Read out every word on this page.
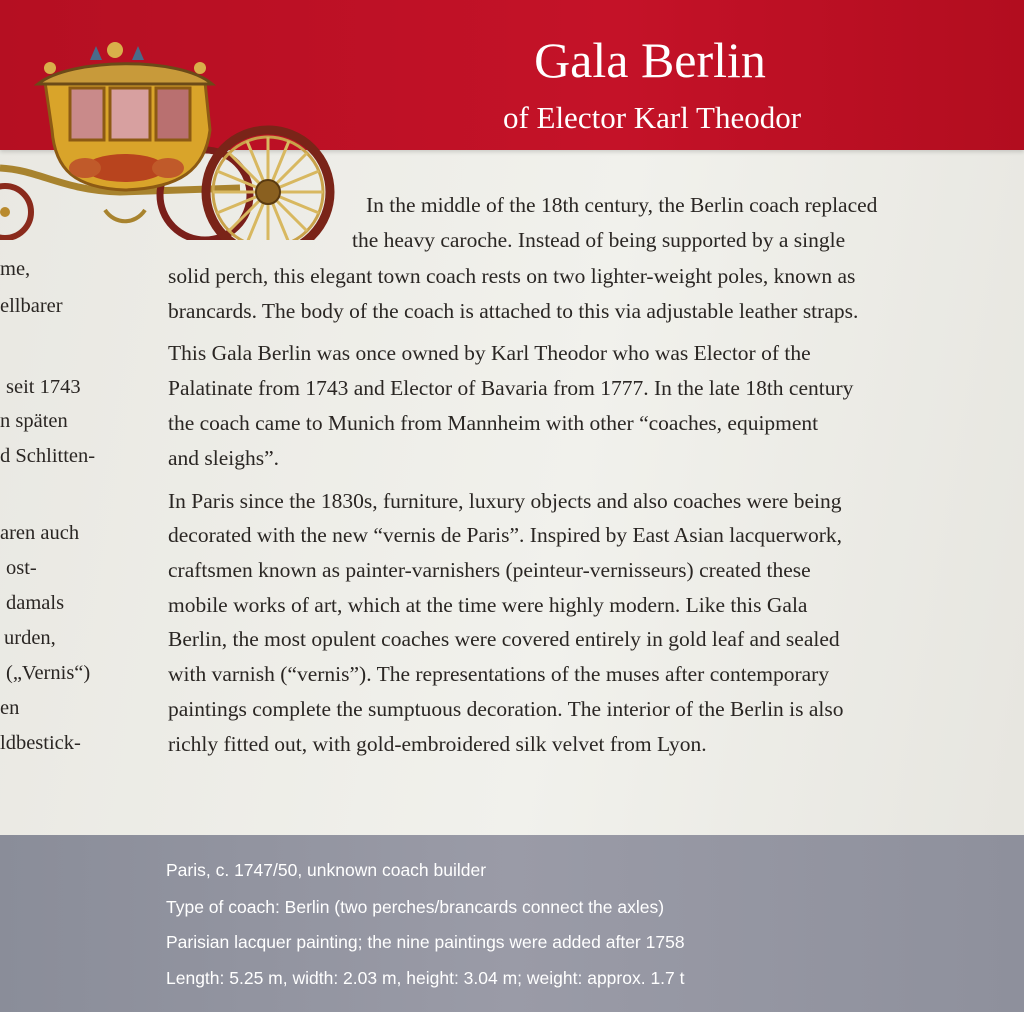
Gala Berlin
of Elector Karl Theodor
me,
ellbarer
seit 1743
n späten
d Schlitten-
aren auch
ost-
damals
urden,
(„Vernis“)
en
ldbestick-
In the middle of the 18th century, the Berlin coach replaced
the heavy caroche. Instead of being supported by a single
solid perch, this elegant town coach rests on two lighter-weight poles, known as
brancards. The body of the coach is attached to this via adjustable leather straps.
This Gala Berlin was once owned by Karl Theodor who was Elector of the
Palatinate from 1743 and Elector of Bavaria from 1777. In the late 18th century
the coach came to Munich from Mannheim with other “coaches, equipment
and sleighs”.
In Paris since the 1830s, furniture, luxury objects and also coaches were being
decorated with the new “vernis de Paris”. Inspired by East Asian lacquerwork,
craftsmen known as painter-varnishers (peinteur-vernisseurs) created these
mobile works of art, which at the time were highly modern. Like this Gala
Berlin, the most opulent coaches were covered entirely in gold leaf and sealed
with varnish (“vernis”). The representations of the muses after contemporary
paintings complete the sumptuous decoration. The interior of the Berlin is also
richly fitted out, with gold-embroidered silk velvet from Lyon.
Paris, c. 1747/50, unknown coach builder
Type of coach: Berlin (two perches/brancards connect the axles)
Parisian lacquer painting; the nine paintings were added after 1758
Length: 5.25 m, width: 2.03 m, height: 3.04 m; weight: approx. 1.7 t
